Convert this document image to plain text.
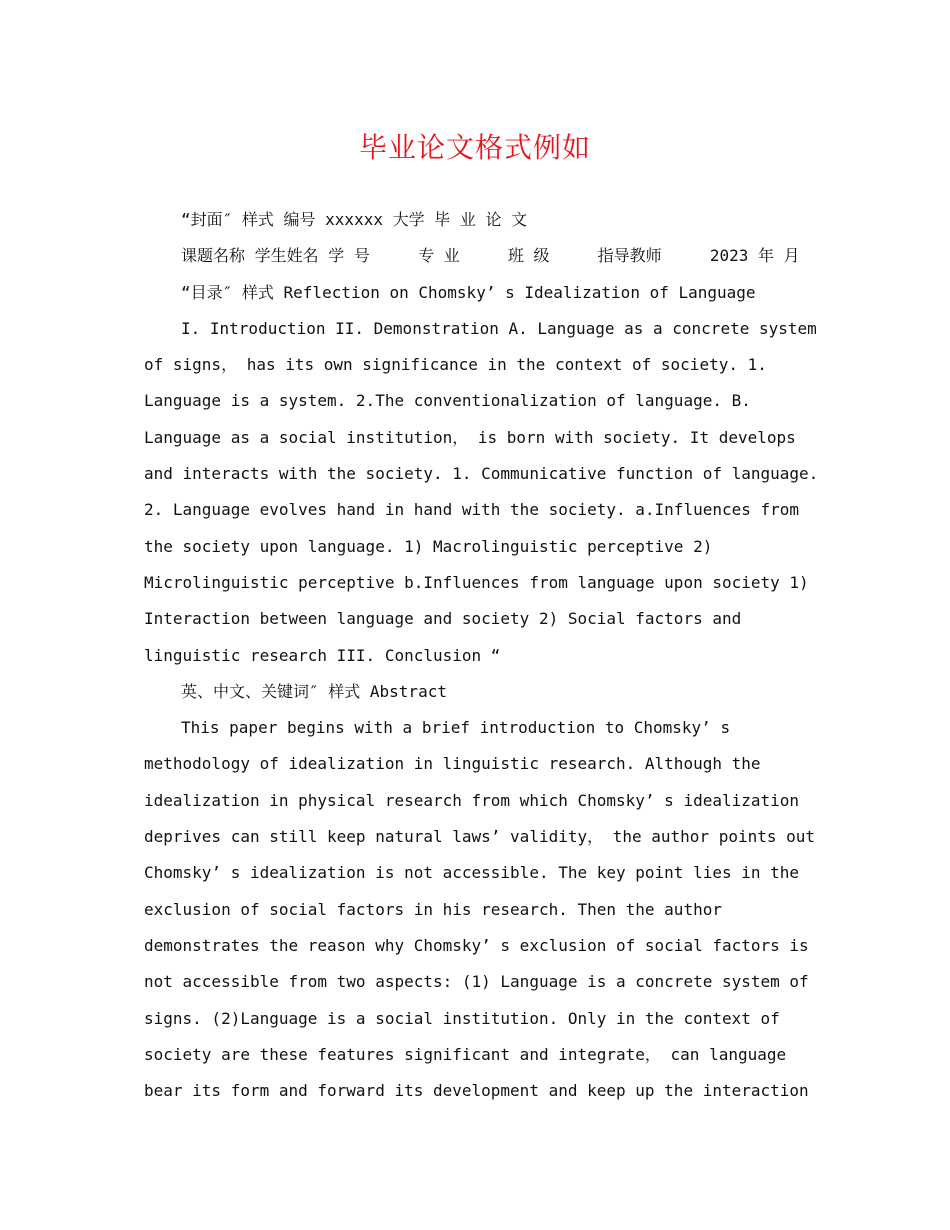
毕业论文格式例如
“封面″ 样式 编号 xxxxxx 大学 毕 业 论 文
课题名称 学生姓名 学 号     专 业     班 级     指导教师     2023 年 月
“目录″ 样式 Reflection on Chomsky’ s Idealization of Language
I. Introduction II. Demonstration A. Language as a concrete system
of signs， has its own significance in the context of society. 1.
Language is a system. 2.The conventionalization of language. B.
Language as a social institution， is born with society. It develops
and interacts with the society. 1. Communicative function of language.
2. Language evolves hand in hand with the society. a.Influences from
the society upon language. 1) Macrolinguistic perceptive 2)
Microlinguistic perceptive b.Influences from language upon society 1)
Interaction between language and society 2) Social factors and
linguistic research III. Conclusion “
英、中文、关键词″ 样式 Abstract
This paper begins with a brief introduction to Chomsky’ s
methodology of idealization in linguistic research. Although the
idealization in physical research from which Chomsky’ s idealization
deprives can still keep natural laws’ validity， the author points out
Chomsky’ s idealization is not accessible. The key point lies in the
exclusion of social factors in his research. Then the author
demonstrates the reason why Chomsky’ s exclusion of social factors is
not accessible from two aspects: (1) Language is a concrete system of
signs. (2)Language is a social institution. Only in the context of
society are these features significant and integrate， can language
bear its form and forward its development and keep up the interaction
